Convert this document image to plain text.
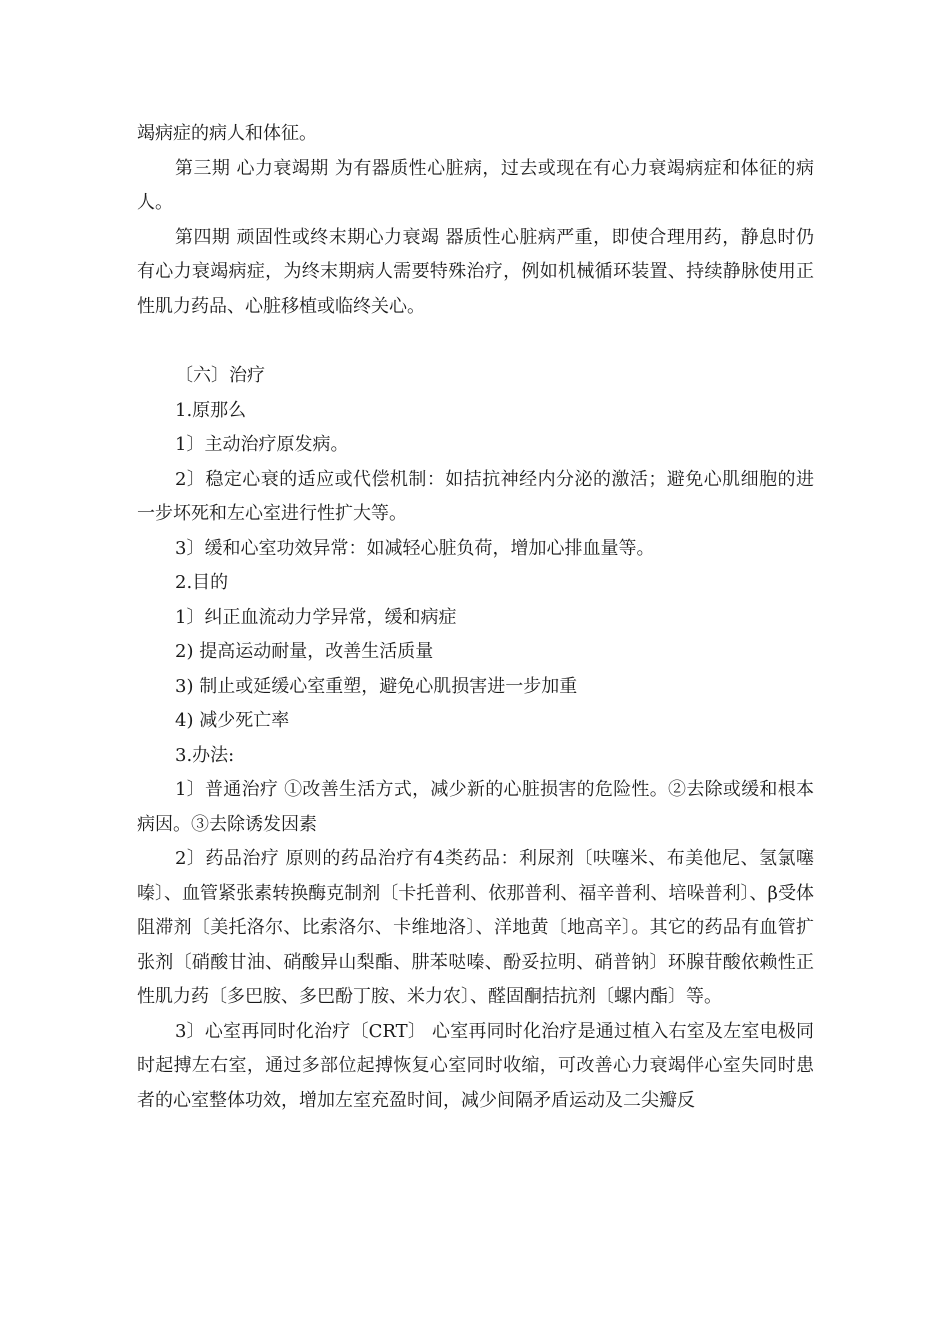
竭病症的病人和体征。

第三期 心力衰竭期 为有器质性心脏病，过去或现在有心力衰竭病症和体征的病人。

第四期 顽固性或终末期心力衰竭 器质性心脏病严重，即使合理用药，静息时仍有心力衰竭病症，为终末期病人需要特殊治疗，例如机械循环装置、持续静脉使用正性肌力药品、心脏移植或临终关心。

〔六〕治疗

1.原那么

1〕主动治疗原发病。

2〕稳定心衰的适应或代偿机制：如拮抗神经内分泌的激活；避免心肌细胞的进一步坏死和左心室进行性扩大等。

3〕缓和心室功效异常：如减轻心脏负荷，增加心排血量等。

2.目的

1〕纠正血流动力学异常，缓和病症

2) 提高运动耐量，改善生活质量

3) 制止或延缓心室重塑，避免心肌损害进一步加重

4) 减少死亡率

3.办法:

1〕普通治疗 ①改善生活方式，减少新的心脏损害的危险性。②去除或缓和根本病因。③去除诱发因素

2〕药品治疗 原则的药品治疗有4类药品：利尿剂〔呋噻米、布美他尼、氢氯噻嗪〕、血管紧张素转换酶克制剂〔卡托普利、依那普利、福辛普利、培哚普利〕、β受体阻滞剂〔美托洛尔、比索洛尔、卡维地洛〕、洋地黄〔地高辛〕。其它的药品有血管扩张剂〔硝酸甘油、硝酸异山梨酯、肼苯哒嗪、酚妥拉明、硝普钠〕环腺苷酸依赖性正性肌力药〔多巴胺、多巴酚丁胺、米力农〕、醛固酮拮抗剂〔螺内酯〕等。

3〕心室再同时化治疗〔CRT〕 心室再同时化治疗是通过植入右室及左室电极同时起搏左右室，通过多部位起搏恢复心室同时收缩，可改善心力衰竭伴心室失同时患者的心室整体功效，增加左室充盈时间，减少间隔矛盾运动及二尖瓣反
